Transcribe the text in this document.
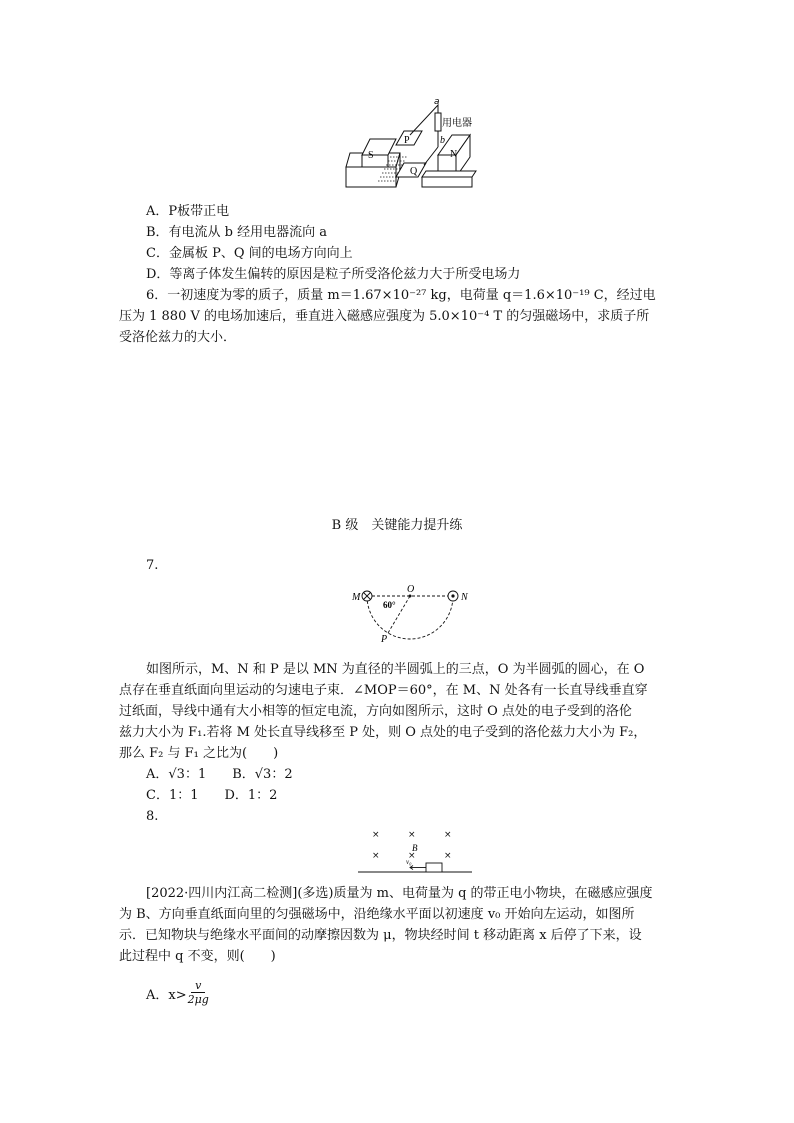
a
用电器
b
S
P
N
Q
A．P板带正电
B．有电流从 b 经用电器流向 a
C．金属板 P、Q 间的电场方向向上
D．等离子体发生偏转的原因是粒子所受洛伦兹力大于所受电场力
6．一初速度为零的质子，质量 m＝1.67×10⁻²⁷ kg，电荷量 q＝1.6×10⁻¹⁹ C，经过电
压为 1 880 V 的电场加速后，垂直进入磁感应强度为 5.0×10⁻⁴ T 的匀强磁场中，求质子所
受洛伦兹力的大小．
B 级　关键能力提升练
7.
M
O
N
60°
P
如图所示，M、N 和 P 是以 MN 为直径的半圆弧上的三点，O 为半圆弧的圆心，在 O
点存在垂直纸面向里运动的匀速电子束．∠MOP＝60°，在 M、N 处各有一长直导线垂直穿
过纸面，导线中通有大小相等的恒定电流，方向如图所示，这时 O 点处的电子受到的洛伦
兹力大小为 F₁.若将 M 处长直导线移至 P 处，则 O 点处的电子受到的洛伦兹力大小为 F₂，
那么 F₂ 与 F₁ 之比为(　　)
A．√3：1　　B．√3：2
C．1：1　　D．1：2
8.
×	×	×
×	×	×
B
v₀
[2022·四川内江高二检测](多选)质量为 m、电荷量为 q 的带正电小物块，在磁感应强度
为 B、方向垂直纸面向里的匀强磁场中，沿绝缘水平面以初速度 v₀ 开始向左运动，如图所
示．已知物块与绝缘水平面间的动摩擦因数为 μ，物块经时间 t 移动距离 x 后停了下来，设
此过程中 q 不变，则(　　)
A．$x> \frac{v}{2\mu g}$
